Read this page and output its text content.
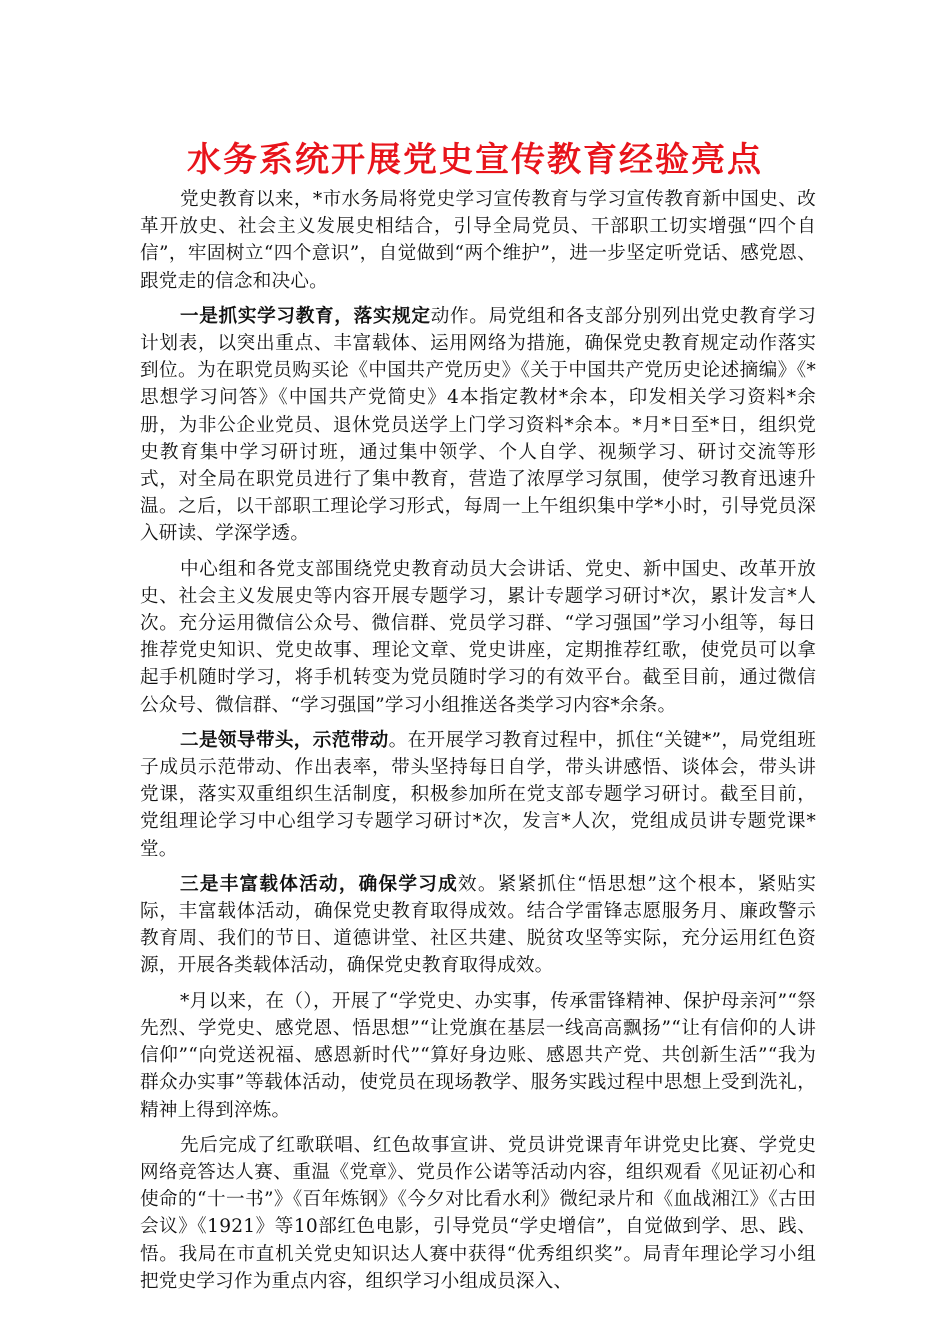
水务系统开展党史宣传教育经验亮点

党史教育以来，*市水务局将党史学习宣传教育与学习宣传教育新中国史、改革开放史、社会主义发展史相结合，引导全局党员、干部职工切实增强“四个自信”，牢固树立“四个意识”，自觉做到“两个维护”，进一步坚定听党话、感党恩、跟党走的信念和决心。

一是抓实学习教育，落实规定动作。局党组和各支部分别列出党史教育学习计划表，以突出重点、丰富载体、运用网络为措施，确保党史教育规定动作落实到位。为在职党员购买论《中国共产党历史》《关于中国共产党历史论述摘编》《*思想学习问答》《中国共产党简史》4本指定教材*余本，印发相关学习资料*余册，为非公企业党员、退休党员送学上门学习资料*余本。*月*日至*日，组织党史教育集中学习研讨班，通过集中领学、个人自学、视频学习、研讨交流等形式，对全局在职党员进行了集中教育，营造了浓厚学习氛围，使学习教育迅速升温。之后，以干部职工理论学习形式，每周一上午组织集中学*小时，引导党员深入研读、学深学透。

中心组和各党支部围绕党史教育动员大会讲话、党史、新中国史、改革开放史、社会主义发展史等内容开展专题学习，累计专题学习研讨*次，累计发言*人次。充分运用微信公众号、微信群、党员学习群、“学习强国”学习小组等，每日推荐党史知识、党史故事、理论文章、党史讲座，定期推荐红歌，使党员可以拿起手机随时学习，将手机转变为党员随时学习的有效平台。截至目前，通过微信公众号、微信群、“学习强国”学习小组推送各类学习内容*余条。

二是领导带头，示范带动。在开展学习教育过程中，抓住“关键*”，局党组班子成员示范带动、作出表率，带头坚持每日自学，带头讲感悟、谈体会，带头讲党课，落实双重组织生活制度，积极参加所在党支部专题学习研讨。截至目前，党组理论学习中心组学习专题学习研讨*次，发言*人次，党组成员讲专题党课*堂。

三是丰富载体活动，确保学习成效。紧紧抓住“悟思想”这个根本，紧贴实际，丰富载体活动，确保党史教育取得成效。结合学雷锋志愿服务月、廉政警示教育周、我们的节日、道德讲堂、社区共建、脱贫攻坚等实际，充分运用红色资源，开展各类载体活动，确保党史教育取得成效。

*月以来，在（），开展了“学党史、办实事，传承雷锋精神、保护母亲河”“祭先烈、学党史、感党恩、悟思想”“让党旗在基层一线高高飘扬”“让有信仰的人讲信仰”“向党送祝福、感恩新时代”“算好身边账、感恩共产党、共创新生活”“我为群众办实事”等载体活动，使党员在现场教学、服务实践过程中思想上受到洗礼，精神上得到淬炼。

先后完成了红歌联唱、红色故事宣讲、党员讲党课青年讲党史比赛、学党史网络竞答达人赛、重温《党章》、党员作公诺等活动内容，组织观看《见证初心和使命的“十一书”》《百年炼钢》《今夕对比看水利》微纪录片和《血战湘江》《古田会议》《1921》等10部红色电影，引导党员“学史增信”，自觉做到学、思、践、悟。我局在市直机关党史知识达人赛中获得“优秀组织奖”。局青年理论学习小组把党史学习作为重点内容，组织学习小组成员深入、
